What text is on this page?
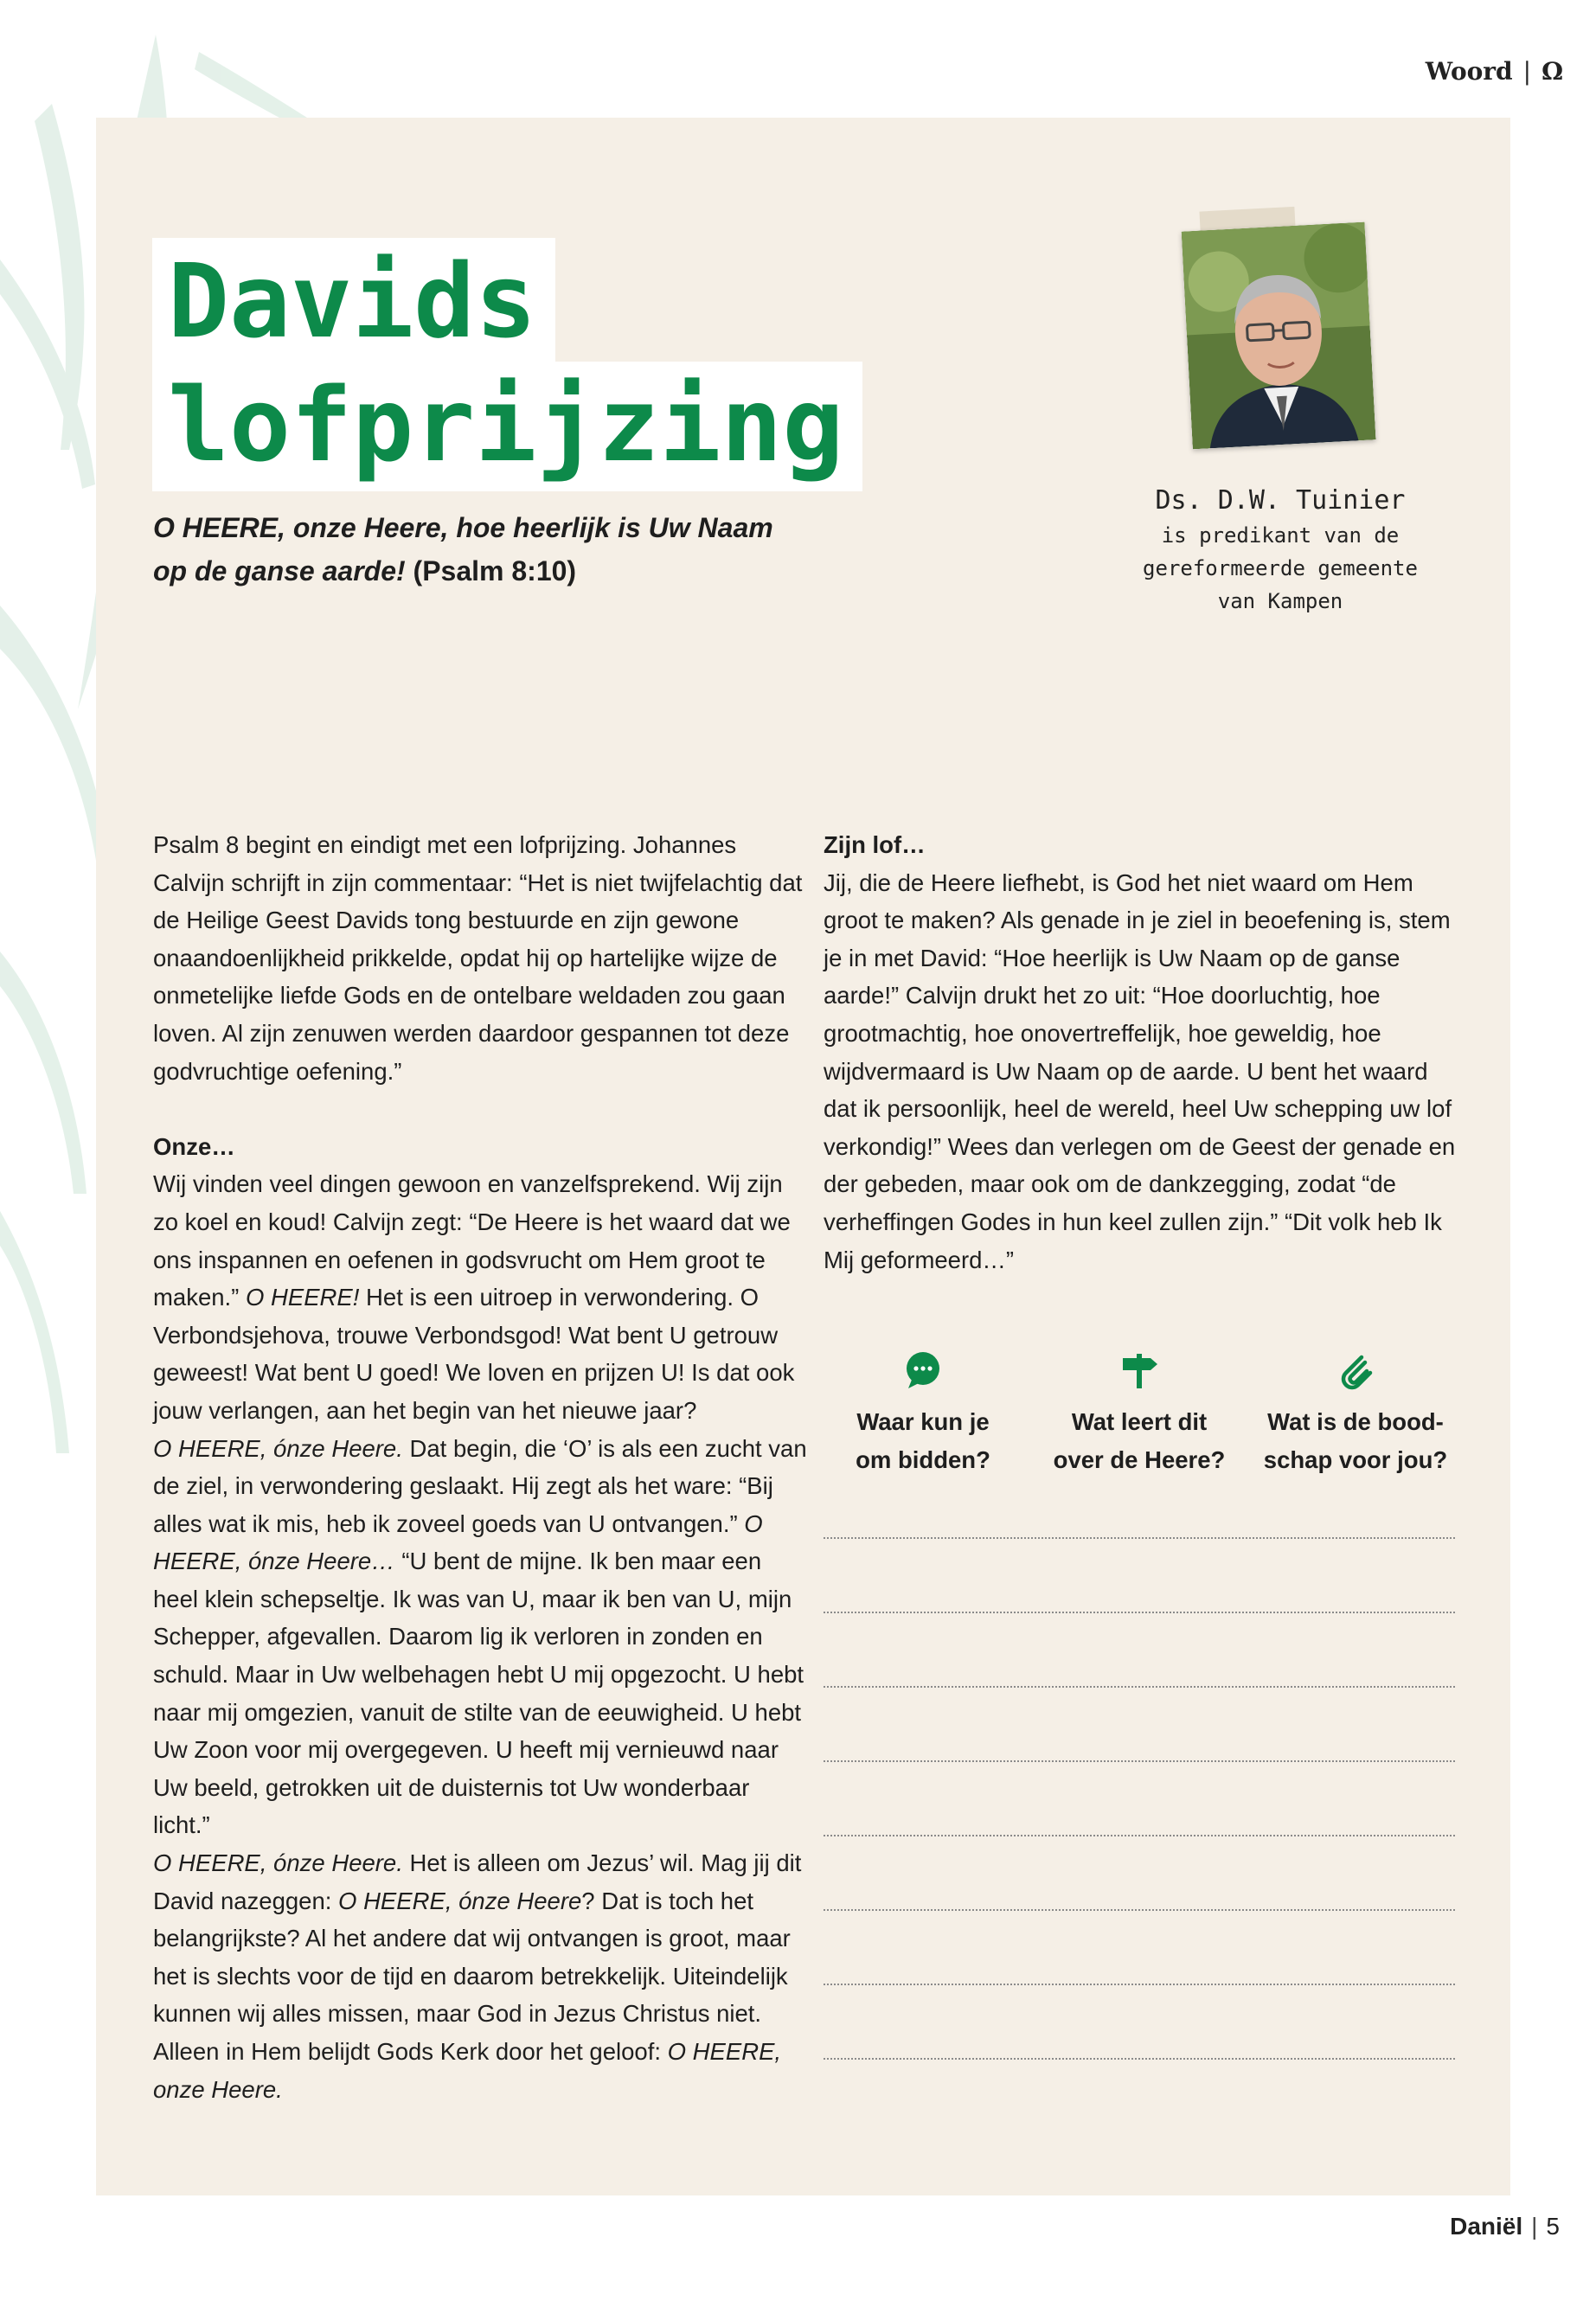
Woord | Ω
Davids
lofprijzing
O HEERE, onze Heere, hoe heerlijk is Uw Naam op de ganse aarde! (Psalm 8:10)
Ds. D.W. Tuinier
is predikant van de
gereformeerde gemeente
van Kampen

Psalm 8 begint en eindigt met een lofprijzing. Johannes Calvijn schrijft in zijn commentaar: “Het is niet twijfelachtig dat de Heilige Geest Davids tong bestuurde en zijn gewone onaandoenlijkheid prikkelde, opdat hij op hartelijke wijze de onmetelijke liefde Gods en de ontelbare weldaden zou gaan loven. Al zijn zenuwen werden daardoor gespannen tot deze godvruchtige oefening.”

Onze…

Wij vinden veel dingen gewoon en vanzelfsprekend. Wij zijn zo koel en koud! Calvijn zegt: “De Heere is het waard dat we ons inspannen en oefenen in godsvrucht om Hem groot te maken.” O HEERE! Het is een uitroep in verwondering. O Verbondsjehova, trouwe Verbondsgod! Wat bent U getrouw geweest! Wat bent U goed! We loven en prijzen U! Is dat ook jouw verlangen, aan het begin van het nieuwe jaar?

O HEERE, ónze Heere. Dat begin, die ‘O’ is als een zucht van de ziel, in verwondering geslaakt. Hij zegt als het ware: “Bij alles wat ik mis, heb ik zoveel goeds van U ontvangen.” O HEERE, ónze Heere… “U bent de mijne. Ik ben maar een heel klein schepseltje. Ik was van U, maar ik ben van U, mijn Schepper, afgevallen. Daarom lig ik verloren in zonden en schuld. Maar in Uw welbehagen hebt U mij opgezocht. U hebt naar mij omgezien, vanuit de stilte van de eeuwigheid. U hebt Uw Zoon voor mij overgegeven. U heeft mij vernieuwd naar Uw beeld, getrokken uit de duisternis tot Uw wonderbaar licht.”

O HEERE, ónze Heere. Het is alleen om Jezus’ wil. Mag jij dit David nazeggen: O HEERE, ónze Heere? Dat is toch het belangrijkste? Al het andere dat wij ontvangen is groot, maar het is slechts voor de tijd en daarom betrekkelijk. Uiteindelijk kunnen wij alles missen, maar God in Jezus Christus niet. Alleen in Hem belijdt Gods Kerk door het geloof: O HEERE, onze Heere.

Zijn lof…

Jij, die de Heere liefhebt, is God het niet waard om Hem groot te maken? Als genade in je ziel in beoefening is, stem je in met David: “Hoe heerlijk is Uw Naam op de ganse aarde!” Calvijn drukt het zo uit: “Hoe doorluchtig, hoe grootmachtig, hoe onovertreffelijk, hoe geweldig, hoe wijdvermaard is Uw Naam op de aarde. U bent het waard dat ik persoonlijk, heel de wereld, heel Uw schepping uw lof verkondig!” Wees dan verlegen om de Geest der genade en der gebeden, maar ook om de dankzegging, zodat “de verheffingen Godes in hun keel zullen zijn.” “Dit volk heb Ik Mij geformeerd…”

Waar kun je
om bidden?
Wat leert dit
over de Heere?
Wat is de bood-
schap voor jou?
Daniël | 5
